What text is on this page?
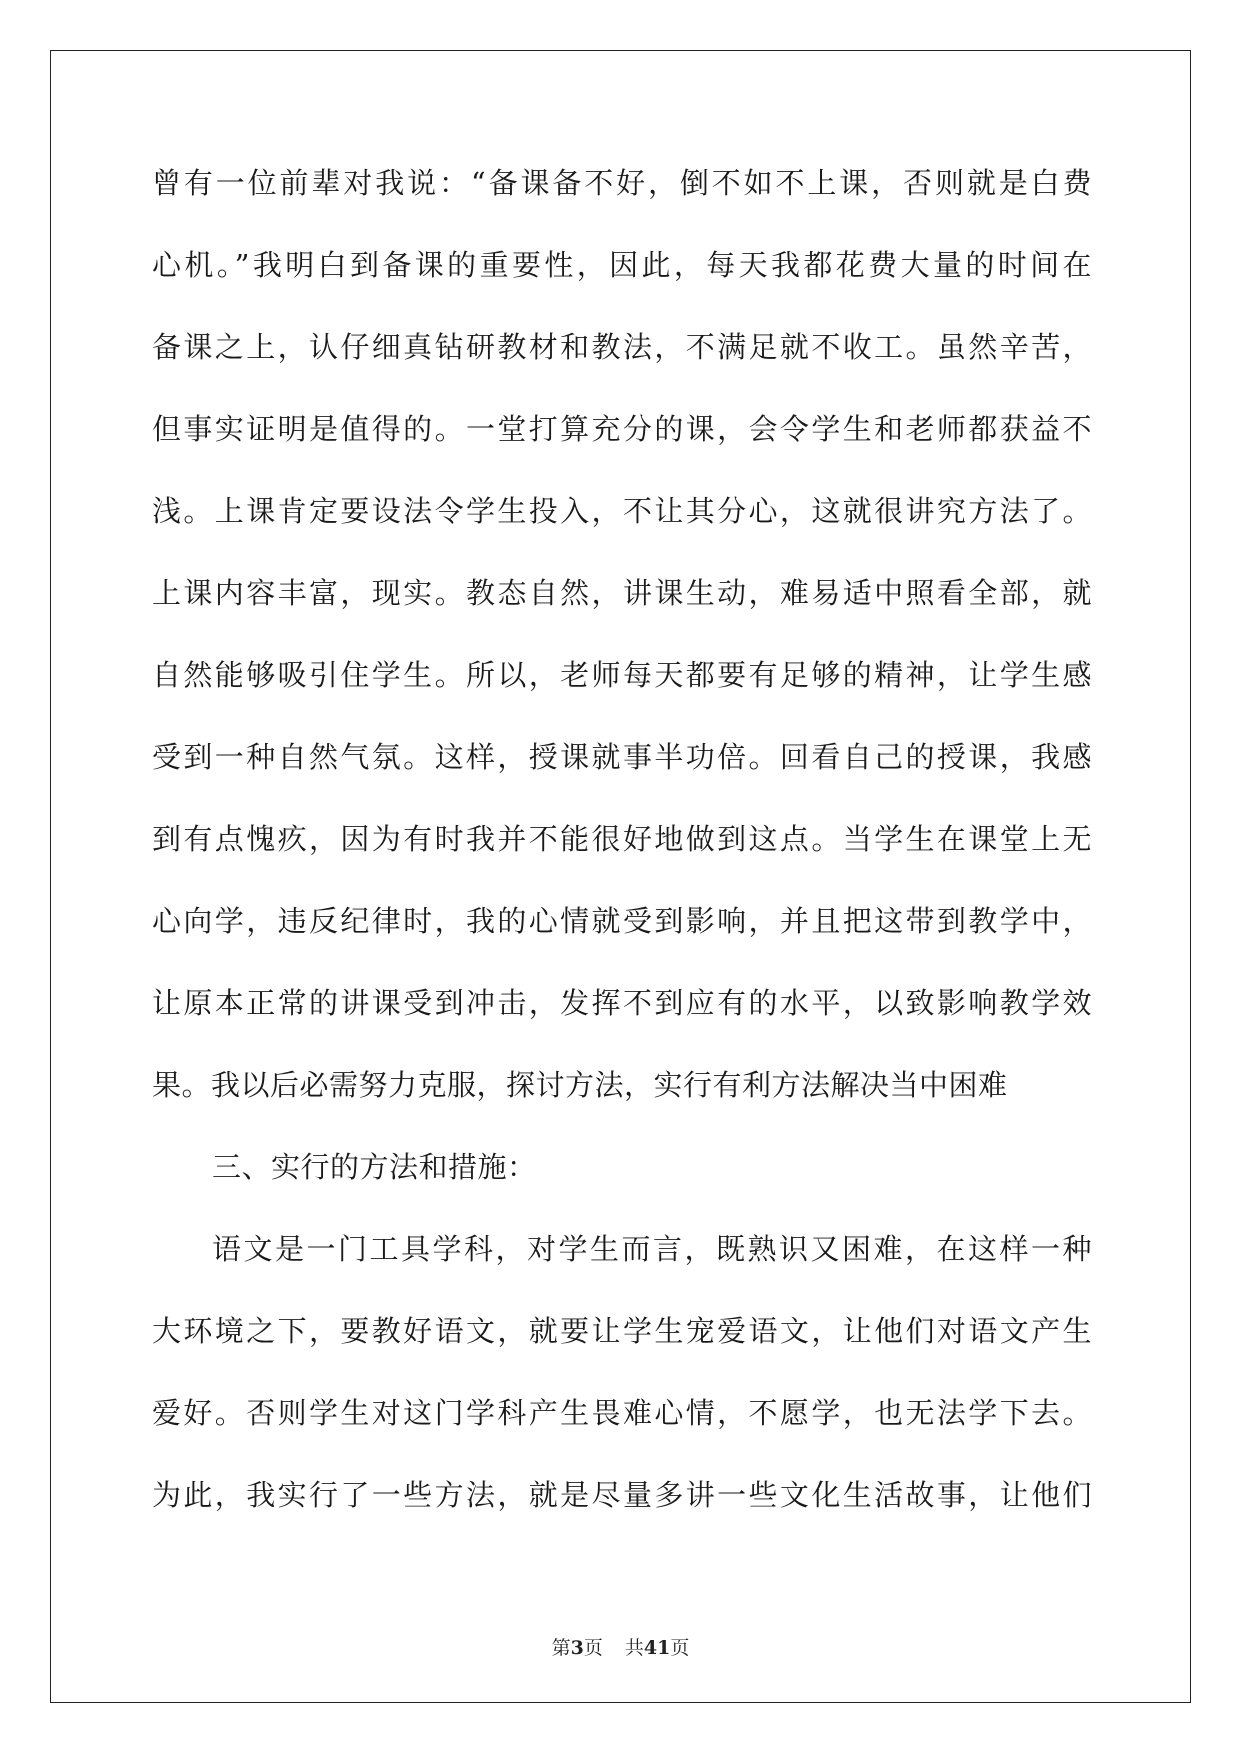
曾有一位前辈对我说：“备课备不好，倒不如不上课，否则就是白费
心机。”我明白到备课的重要性，因此，每天我都花费大量的时间在
备课之上，认仔细真钻研教材和教法，不满足就不收工。虽然辛苦，
但事实证明是值得的。一堂打算充分的课，会令学生和老师都获益不
浅。上课肯定要设法令学生投入，不让其分心，这就很讲究方法了。
上课内容丰富，现实。教态自然，讲课生动，难易适中照看全部，就
自然能够吸引住学生。所以，老师每天都要有足够的精神，让学生感
受到一种自然气氛。这样，授课就事半功倍。回看自己的授课，我感
到有点愧疚，因为有时我并不能很好地做到这点。当学生在课堂上无
心向学，违反纪律时，我的心情就受到影响，并且把这带到教学中，
让原本正常的讲课受到冲击，发挥不到应有的水平，以致影响教学效
果。我以后必需努力克服，探讨方法，实行有利方法解决当中困难
三、实行的方法和措施：
语文是一门工具学科，对学生而言，既熟识又困难，在这样一种
大环境之下，要教好语文，就要让学生宠爱语文，让他们对语文产生
爱好。否则学生对这门学科产生畏难心情，不愿学，也无法学下去。
为此，我实行了一些方法，就是尽量多讲一些文化生活故事，让他们
第3页 共41页
